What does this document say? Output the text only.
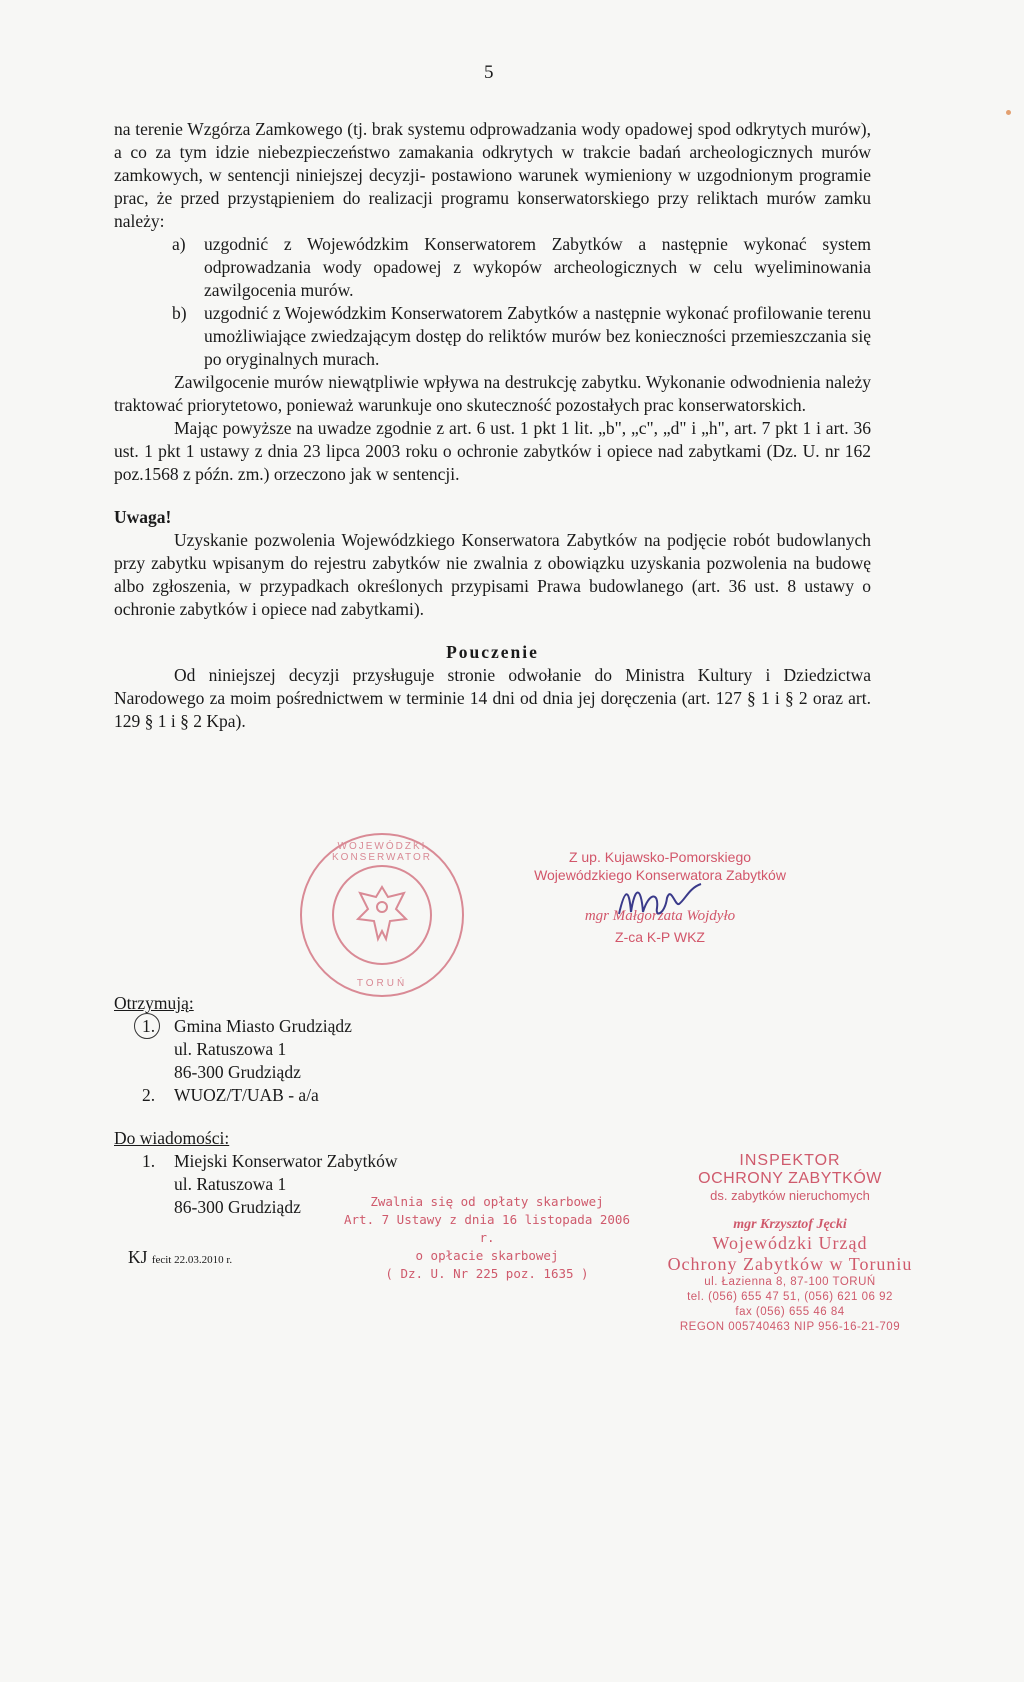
5

na terenie Wzgórza Zamkowego (tj. brak systemu odprowadzania wody opadowej spod odkrytych murów), a co za tym idzie niebezpieczeństwo zamakania odkrytych w trakcie badań archeologicznych murów zamkowych, w sentencji niniejszej decyzji- postawiono warunek wymieniony w uzgodnionym programie prac, że przed przystąpieniem do realizacji programu konserwatorskiego przy reliktach murów zamku należy:

a) uzgodnić z Wojewódzkim Konserwatorem Zabytków a następnie wykonać system odprowadzania wody opadowej z wykopów archeologicznych w celu wyeliminowania zawilgocenia murów.
b) uzgodnić z Wojewódzkim Konserwatorem Zabytków a następnie wykonać profilowanie terenu umożliwiające zwiedzającym dostęp do reliktów murów bez konieczności przemieszczania się po oryginalnych murach.

Zawilgocenie murów niewątpliwie wpływa na destrukcję zabytku. Wykonanie odwodnienia należy traktować priorytetowo, ponieważ warunkuje ono skuteczność pozostałych prac konserwatorskich.

Mając powyższe na uwadze zgodnie z art. 6 ust. 1 pkt 1 lit. „b", „c", „d" i „h", art. 7 pkt 1 i art. 36 ust. 1 pkt 1 ustawy z dnia 23 lipca 2003 roku o ochronie zabytków i opiece nad zabytkami (Dz. U. nr 162 poz.1568 z późn. zm.) orzeczono jak w sentencji.

Uwaga!

Uzyskanie pozwolenia Wojewódzkiego Konserwatora Zabytków na podjęcie robót budowlanych przy zabytku wpisanym do rejestru zabytków nie zwalnia z obowiązku uzyskania pozwolenia na budowę albo zgłoszenia, w przypadkach określonych przypisami Prawa budowlanego (art. 36 ust. 8 ustawy o ochronie zabytków i opiece nad zabytkami).

Pouczenie

Od niniejszej decyzji przysługuje stronie odwołanie do Ministra Kultury i Dziedzictwa Narodowego za moim pośrednictwem w terminie 14 dni od dnia jej doręczenia (art. 127 § 1 i § 2 oraz art. 129 § 1 i § 2 Kpa).

WOJEWÓDZKI KONSERWATOR
TORUŃ
Z up. Kujawsko-Pomorskiego
Wojewódzkiego Konserwatora Zabytków
mgr Małgorzata Wojdyło
Z-ca K-P WKZ
Otrzymują:
1. Gmina Miasto Grudziądz
ul. Ratuszowa 1
86-300 Grudziądz
2. WUOZ/T/UAB - a/a
Do wiadomości:
1. Miejski Konserwator Zabytków
ul. Ratuszowa 1
86-300 Grudziądz
KJ fecit 22.03.2010 r.
Zwalnia się od opłaty skarbowej
Art. 7 Ustawy z dnia 16 listopada 2006 r.
o opłacie skarbowej
( Dz. U. Nr 225 poz. 1635 )
INSPEKTOR
OCHRONY ZABYTKÓW
ds. zabytków nieruchomych
mgr Krzysztof Jęcki
Wojewódzki Urząd
Ochrony Zabytków w Toruniu
ul. Łazienna 8, 87-100 TORUŃ
tel. (056) 655 47 51, (056) 621 06 92
fax (056) 655 46 84
REGON 005740463 NIP 956-16-21-709
